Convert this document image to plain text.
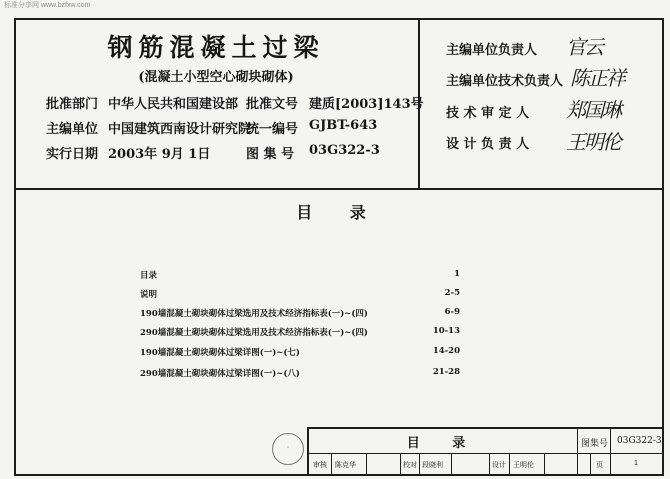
标准分享网 www.bzfxw.com
钢筋混凝土过梁
(混凝土小型空心砌块砌体)
批准部门 中华人民共和国建设部 批准文号 建质[2003]143号
主编单位 中国建筑西南设计研究院
统一编号 GJBT-643
实行日期 2003年 9月 1日	图 集 号 03G322-3
主编单位负责人 官云
主编单位技术负责人 陈正祥
技 术 审 定 人 郑国琳
设 计 负 责 人 王明伦
目 录
目录	1
说明	2-5
190墙混凝土砌块砌体过梁选用及技术经济指标表(一)~(四)	6-9
290墙混凝土砌块砌体过梁选用及技术经济指标表(一)~(四)	10-13
190墙混凝土砌块砌体过梁详图(一)~(七)	14-20
290墙混凝土砌块砌体过梁详图(一)~(八)	21-28
○	目 录	图集号 03G322-3
审核 陈克华	校对 段晓利	设计 王明伦	页	1
